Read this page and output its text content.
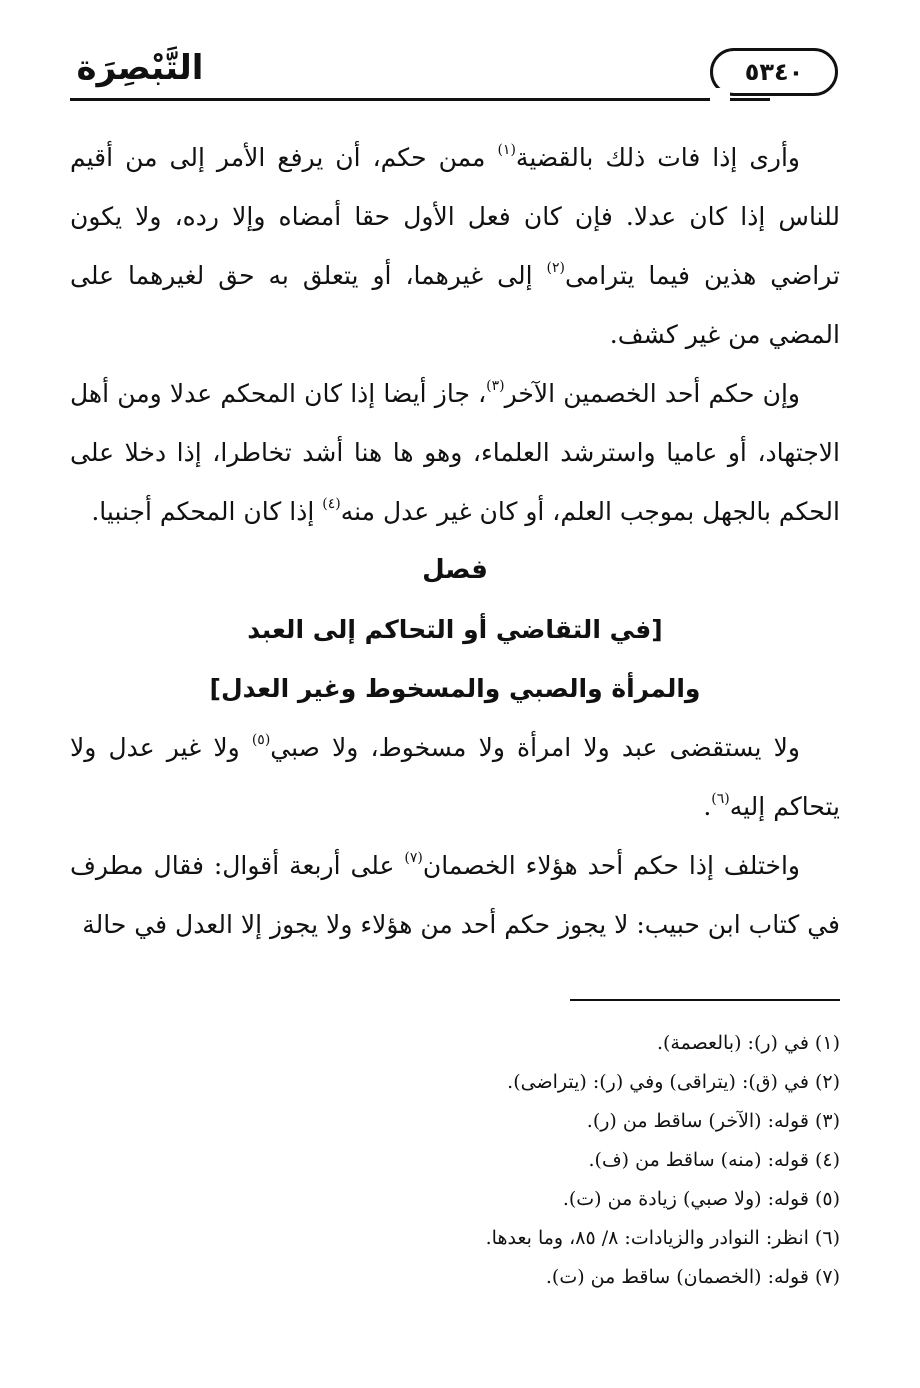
٥٣٤٠
التَّبْصِرَة

وأرى إذا فات ذلك بالقضية$^{(١)}$ ممن حكم، أن يرفع الأمر إلى من أقيم للناس إذا كان عدلا. فإن كان فعل الأول حقا أمضاه وإلا رده، ولا يكون تراضي هذين فيما يترامى$^{(٢)}$ إلى غيرهما، أو يتعلق به حق لغيرهما على المضي من غير كشف.

وإن حكم أحد الخصمين الآخر$^{(٣)}$، جاز أيضا إذا كان المحكم عدلا ومن أهل الاجتهاد، أو عاميا واسترشد العلماء، وهو ها هنا أشد تخاطرا، إذا دخلا على الحكم بالجهل بموجب العلم، أو كان غير عدل منه$^{(٤)}$ إذا كان المحكم أجنبيا.

فصل

[في التقاضي أو التحاكم إلى العبد

والمرأة والصبي والمسخوط وغير العدل]

ولا يستقضى عبد ولا امرأة ولا مسخوط، ولا صبي$^{(٥)}$ ولا غير عدل ولا يتحاكم إليه$^{(٦)}$.

واختلف إذا حكم أحد هؤلاء الخصمان$^{(٧)}$ على أربعة أقوال: فقال مطرف في كتاب ابن حبيب: لا يجوز حكم أحد من هؤلاء ولا يجوز إلا العدل في حالة

(١) في (ر): (بالعصمة).

(٢) في (ق): (يتراقى) وفي (ر): (يتراضى).

(٣) قوله: (الآخر) ساقط من (ر).

(٤) قوله: (منه) ساقط من (ف).

(٥) قوله: (ولا صبي) زيادة من (ت).

(٦) انظر: النوادر والزيادات: ٨/ ٨٥، وما بعدها.

(٧) قوله: (الخصمان) ساقط من (ت).
